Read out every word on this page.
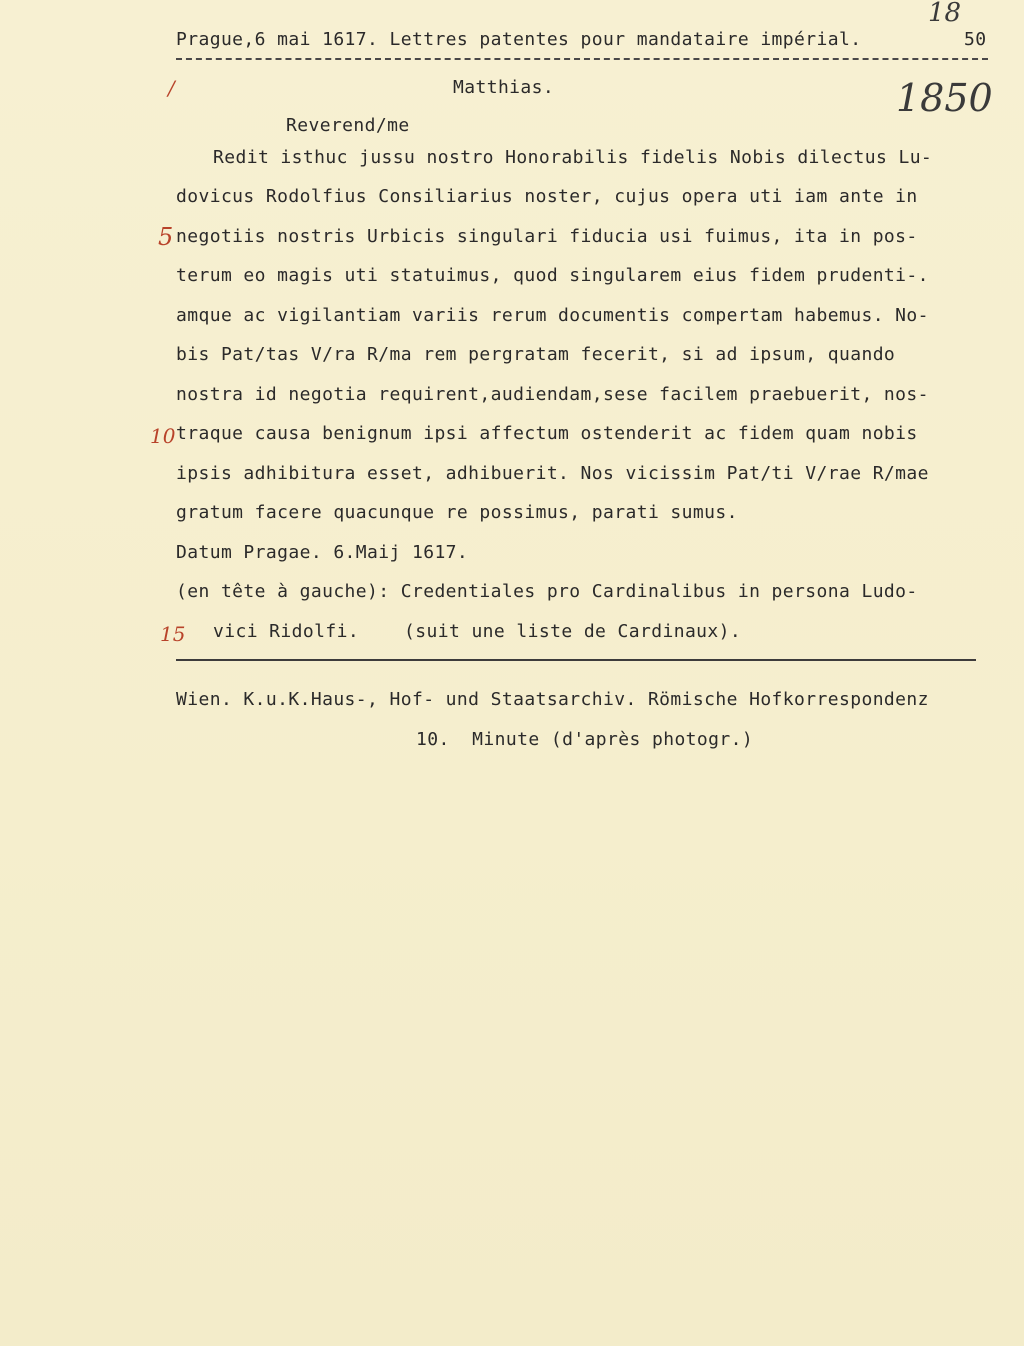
Prague,6 mai 1617. Lettres patentes pour mandataire impérial.	50
18
1850
/
5
10
15
Matthias.
Reverend/me
Redit isthuc jussu nostro Honorabilis fidelis Nobis dilectus Lu-
dovicus Rodolfius Consiliarius noster, cujus opera uti iam ante in
negotiis nostris Urbicis singulari fiducia usi fuimus, ita in pos-
terum eo magis uti statuimus, quod singularem eius fidem prudenti-.
amque ac vigilantiam variis rerum documentis compertam habemus. No-
bis Pat/tas V/ra R/ma rem pergratam fecerit, si ad ipsum, quando
nostra id negotia requirent,audiendam,sese facilem praebuerit, nos-
traque causa benignum ipsi affectum ostenderit ac fidem quam nobis
ipsis adhibitura esset, adhibuerit. Nos vicissim Pat/ti V/rae R/mae
gratum facere quacunque re possimus, parati sumus.
Datum Pragae. 6.Maij 1617.
(en tête à gauche): Credentiales pro Cardinalibus in persona Ludo-
vici Ridolfi.    (suit une liste de Cardinaux).
Wien. K.u.K.Haus-, Hof- und Staatsarchiv. Römische Hofkorrespondenz
10.  Minute (d'après photogr.)
